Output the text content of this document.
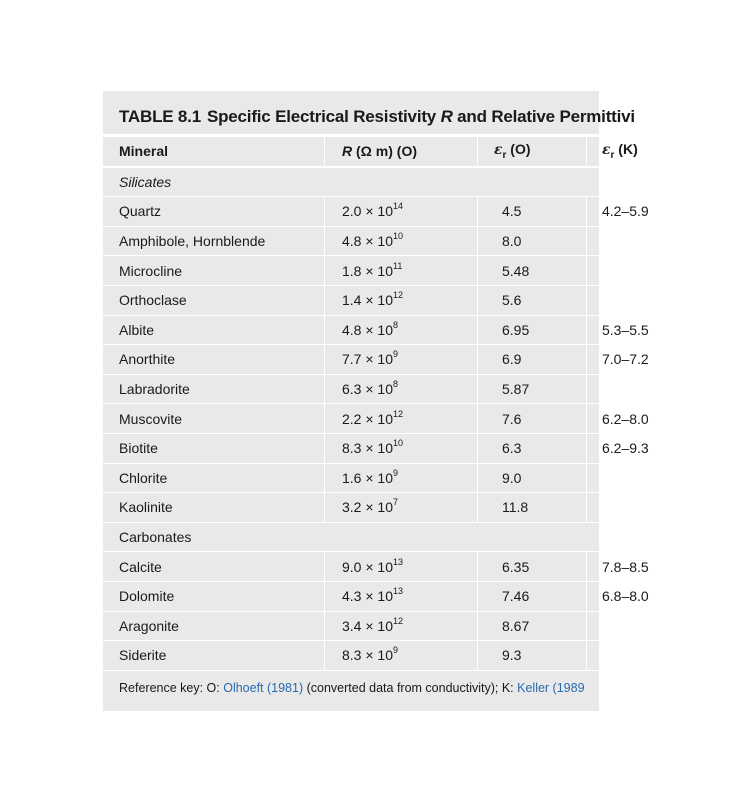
TABLE 8.1 Specific Electrical Resistivity R and Relative Permittivi
Mineral	R (Ω m) (O)	$\varepsilon_r$ (O)	$\varepsilon_r$ (K)
Silicates			
Quartz	$2.0 \times 10^{14}$	4.5	4.2–5.9
Amphibole, Hornblende	$4.8 \times 10^{10}$	8.0	
Microcline	$1.8 \times 10^{11}$	5.48	
Orthoclase	$1.4 \times 10^{12}$	5.6	
Albite	$4.8 \times 10^8$	6.95	5.3–5.5
Anorthite	$7.7 \times 10^9$	6.9	7.0–7.2
Labradorite	$6.3 \times 10^8$	5.87	
Muscovite	$2.2 \times 10^{12}$	7.6	6.2–8.0
Biotite	$8.3 \times 10^{10}$	6.3	6.2–9.3
Chlorite	$1.6 \times 10^9$	9.0	
Kaolinite	$3.2 \times 10^7$	11.8	
Carbonates			
Calcite	$9.0 \times 10^{13}$	6.35	7.8–8.5
Dolomite	$4.3 \times 10^{13}$	7.46	6.8–8.0
Aragonite	$3.4 \times 10^{12}$	8.67	
Siderite	$8.3 \times 10^9$	9.3	
Reference key: O: Olhoeft (1981) (converted data from conductivity); K: Keller (1989
